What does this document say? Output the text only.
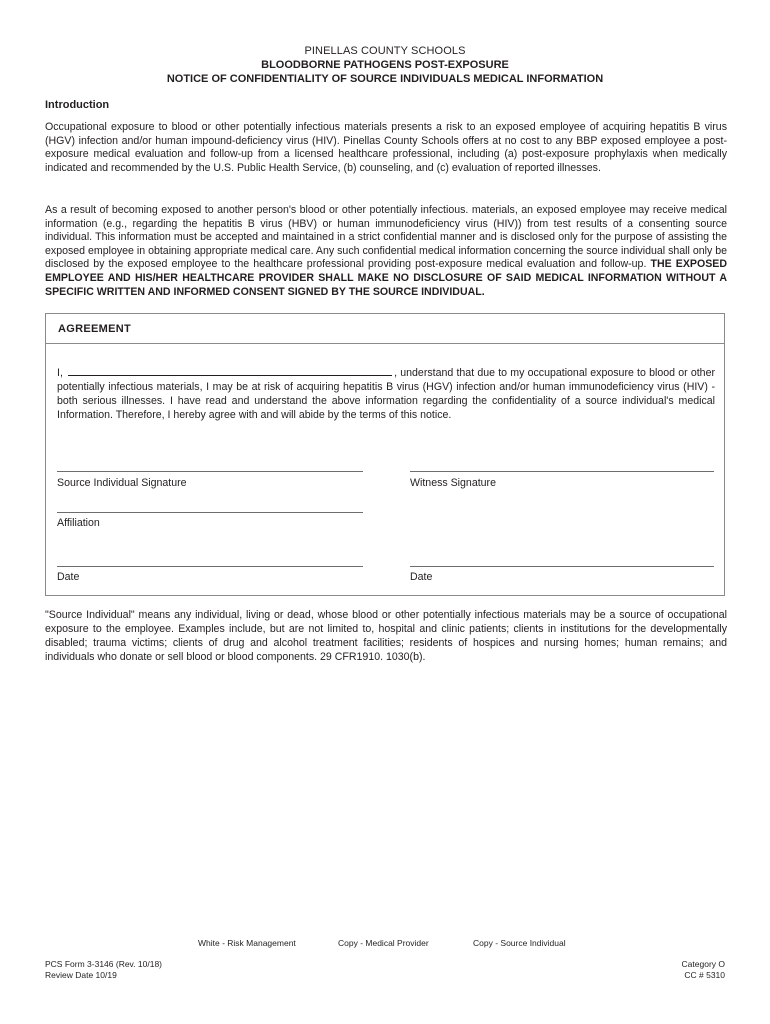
PINELLAS COUNTY SCHOOLS
BLOODBORNE PATHOGENS POST-EXPOSURE
NOTICE OF CONFIDENTIALITY OF SOURCE INDIVIDUALS MEDICAL INFORMATION
Introduction
Occupational exposure to blood or other potentially infectious materials presents a risk to an exposed employee of acquiring hepatitis B virus (HGV) infection and/or human impound-deficiency virus (HIV). Pinellas County Schools offers at no cost to any BBP exposed employee a post-exposure medical evaluation and follow-up from a licensed healthcare professional, including (a) post-exposure prophylaxis when medically indicated and recommended by the U.S. Public Health Service, (b) counseling, and (c) evaluation of reported illnesses.
As a result of becoming exposed to another person's blood or other potentially infectious. materials, an exposed employee may receive medical information (e.g., regarding the hepatitis B virus (HBV) or human immunodeficiency virus (HIV)) from test results of a consenting source individual. This information must be accepted and maintained in a strict confidential manner and is disclosed only for the purpose of assisting the exposed employee in obtaining appropriate medical care. Any such confidential medical information concerning the source individual shall only be disclosed by the exposed employee to the healthcare professional providing post-exposure medical evaluation and follow-up. THE EXPOSED EMPLOYEE AND HIS/HER HEALTHCARE PROVIDER SHALL MAKE NO DISCLOSURE OF SAID MEDICAL INFORMATION WITHOUT A SPECIFIC WRITTEN AND INFORMED CONSENT SIGNED BY THE SOURCE INDIVIDUAL.
AGREEMENT
I,	, understand that due to my occupational exposure to blood or other potentially infectious materials, I may be at risk of acquiring hepatitis B virus (HGV) infection and/or human immunodeficiency virus (HIV) - both serious illnesses. I have read and understand the above information regarding the confidentiality of a source individual's medical Information. Therefore, I hereby agree with and will abide by the terms of this notice.
Source Individual Signature	Witness Signature
Affiliation
Date	Date
"Source Individual" means any individual, living or dead, whose blood or other potentially infectious materials may be a source of occupational exposure to the employee. Examples include, but are not limited to, hospital and clinic patients; clients in institutions for the developmentally disabled; trauma victims; clients of drug and alcohol treatment facilities; residents of hospices and nursing homes; human remains; and individuals who donate or sell blood or blood components. 29 CFR1910. 1030(b).
White - Risk Management	Copy - Medical Provider	Copy - Source Individual
PCS Form 3-3146 (Rev. 10/18)
Review Date 10/19
Category O
CC # 5310
